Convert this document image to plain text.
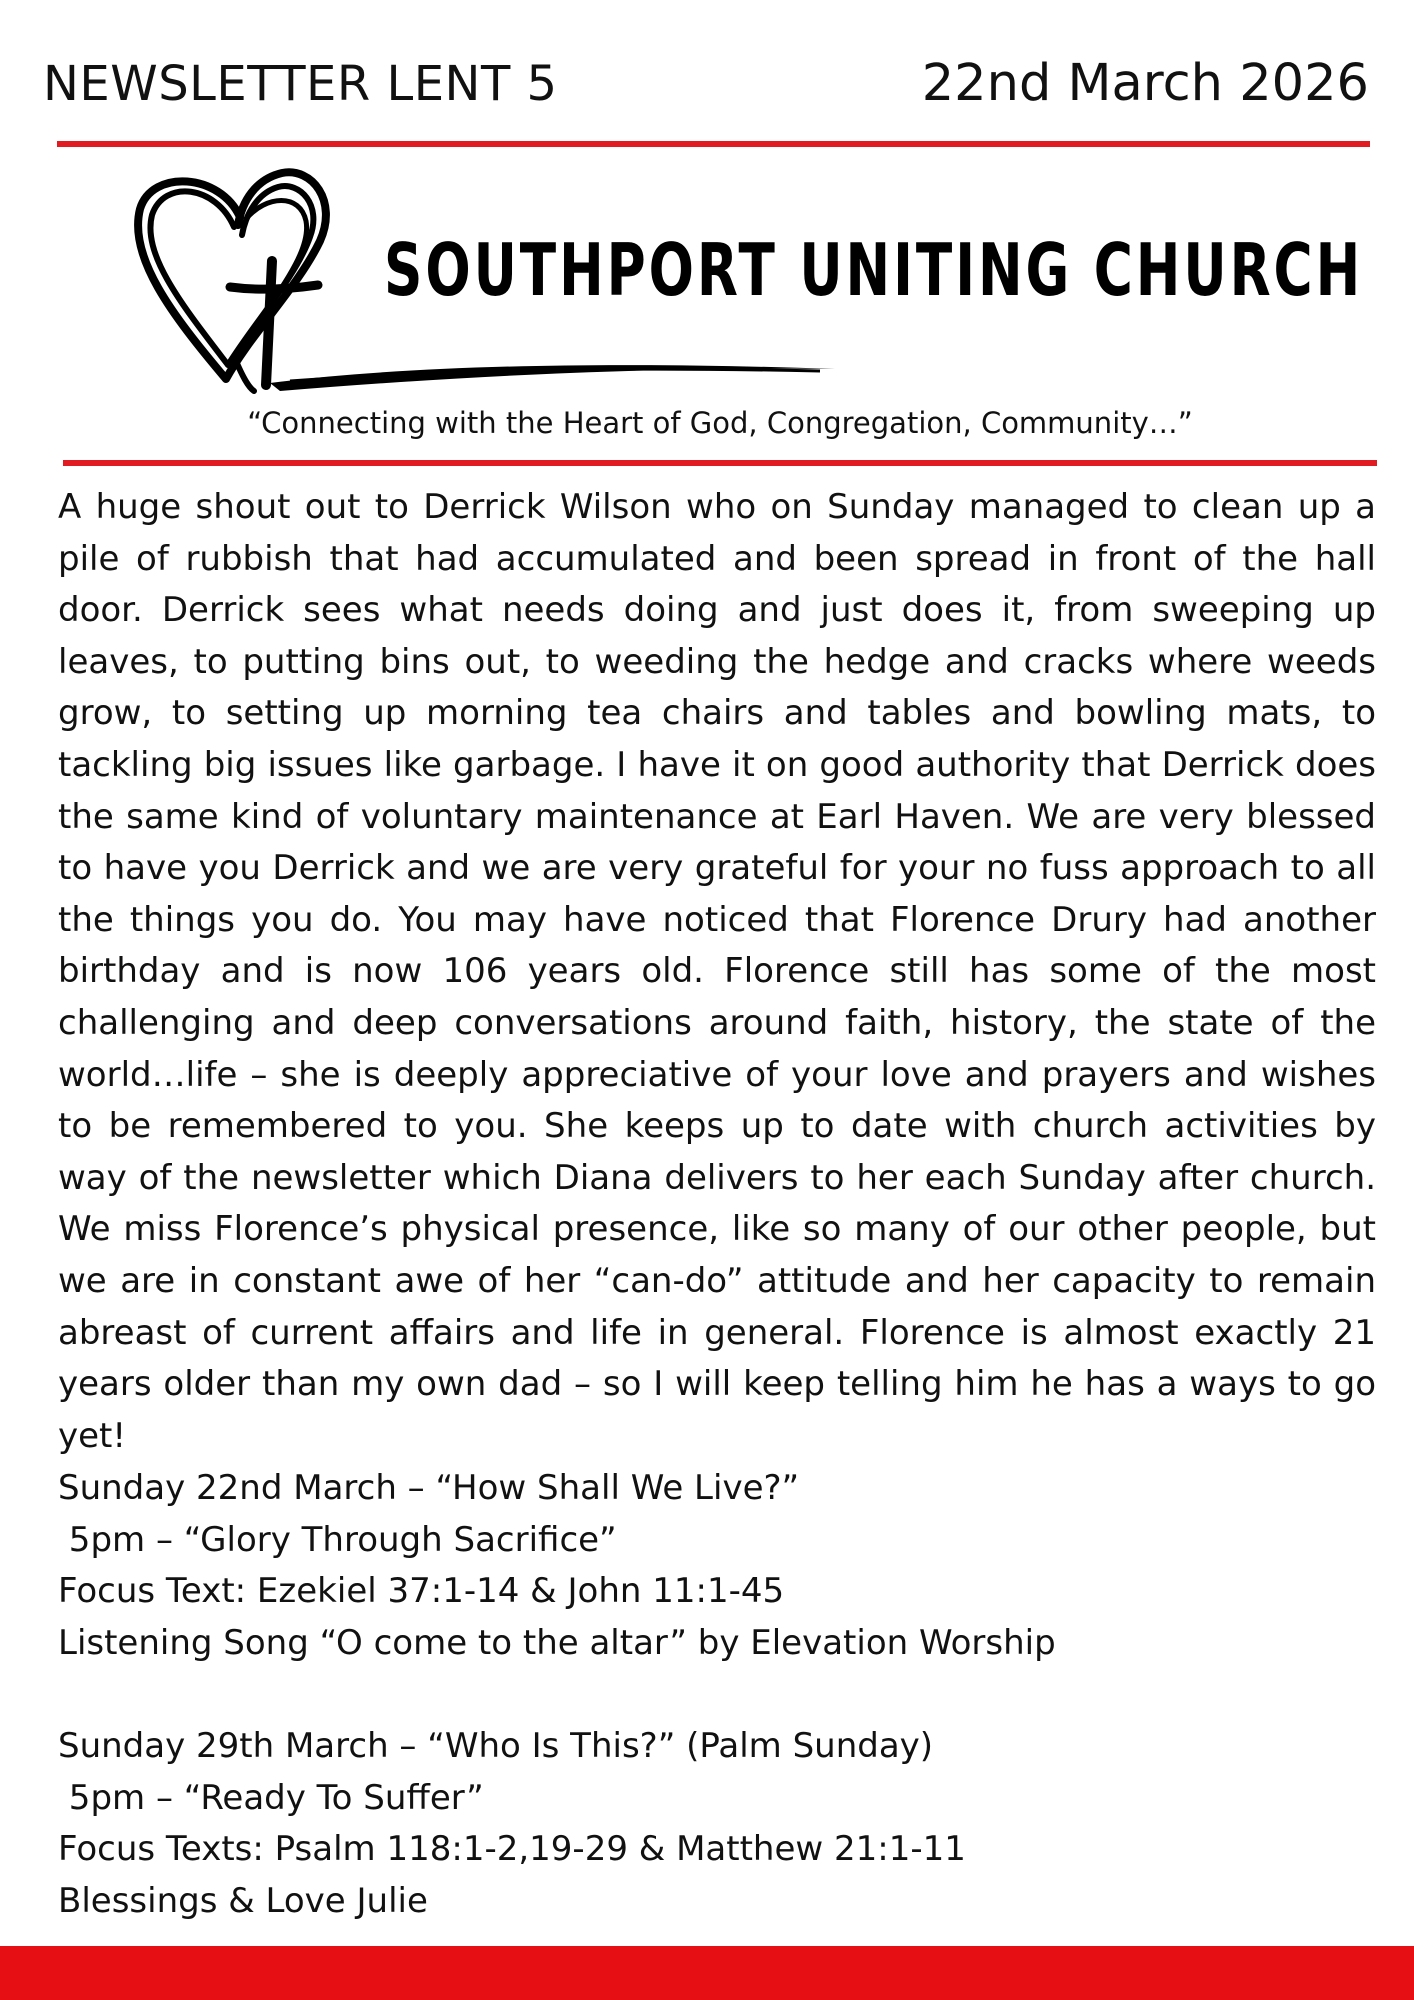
NEWSLETTER LENT 5	22nd March 2026
SOUTHPORT UNITING CHURCH
“Connecting with the Heart of God, Congregation, Community…”

A huge shout out to Derrick Wilson who on Sunday managed to clean up a pile of rubbish that had accumulated and been spread in front of the hall door. Derrick sees what needs doing and just does it, from sweeping up leaves, to putting bins out, to weeding the hedge and cracks where weeds grow, to setting up morning tea chairs and tables and bowling mats, to tackling big issues like garbage. I have it on good authority that Derrick does the same kind of voluntary maintenance at Earl Haven. We are very blessed to have you Derrick and we are very grateful for your no fuss approach to all the things you do. You may have noticed that Florence Drury had another birthday and is now 106 years old. Florence still has some of the most challenging and deep conversations around faith, history, the state of the world…life – she is deeply appreciative of your love and prayers and wishes to be remembered to you. She keeps up to date with church activities by way of the newsletter which Diana delivers to her each Sunday after church. We miss Florence’s physical presence, like so many of our other people, but we are in constant awe of her “can-do” attitude and her capacity to remain abreast of current affairs and life in general. Florence is almost exactly 21 years older than my own dad – so I will keep telling him he has a ways to go yet!

Sunday 22nd March – “How Shall We Live?”
5pm – “Glory Through Sacrifice”
Focus Text: Ezekiel 37:1-14 & John 11:1-45
Listening Song “O come to the altar” by Elevation Worship
Sunday 29th March – “Who Is This?” (Palm Sunday)
5pm – “Ready To Suffer”
Focus Texts: Psalm 118:1-2,19-29 & Matthew 21:1-11
Blessings & Love Julie
